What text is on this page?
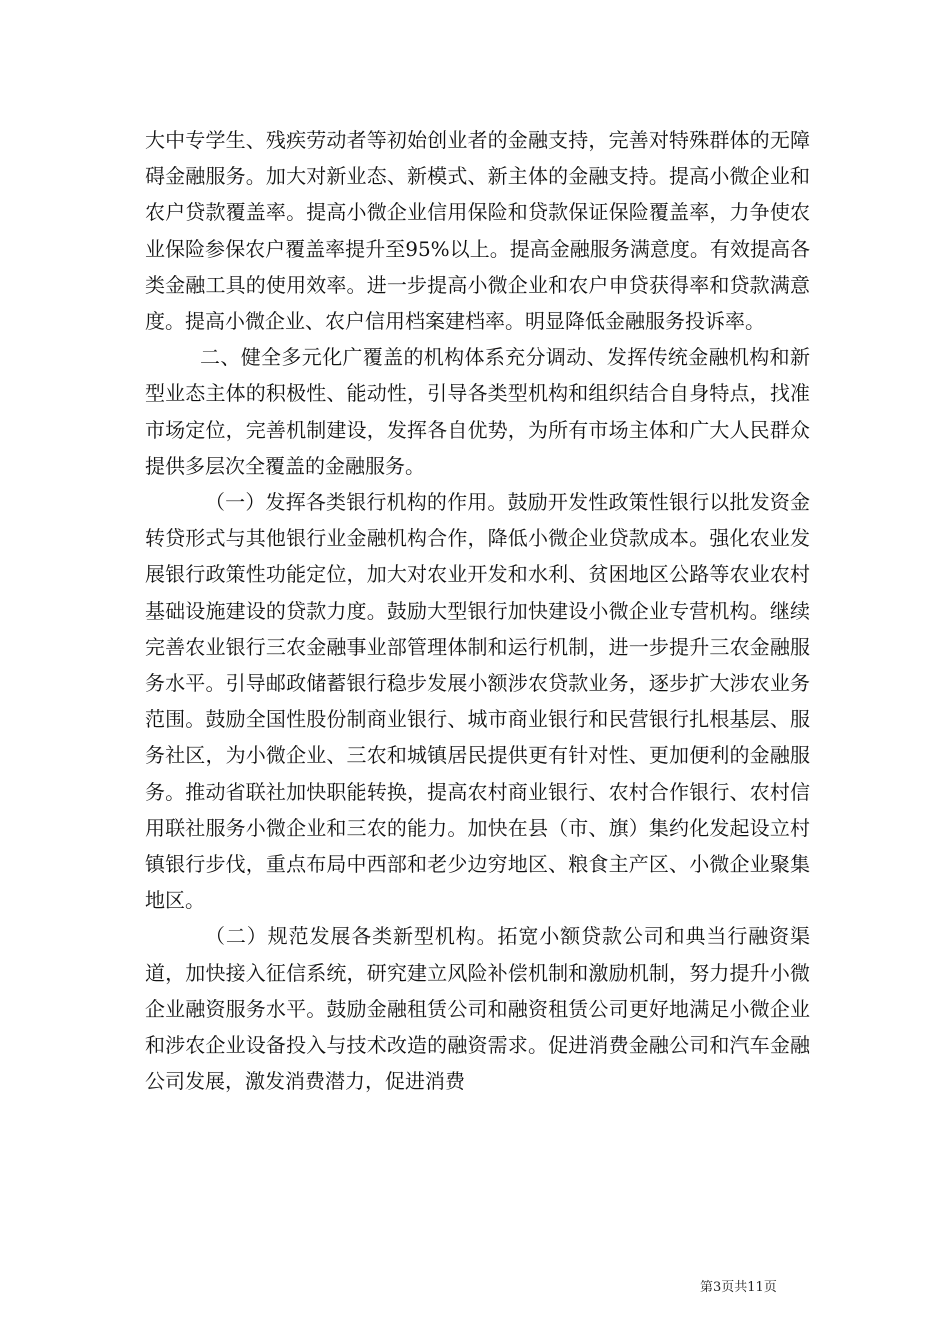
大中专学生、残疾劳动者等初始创业者的金融支持，完善对特殊群体的无障碍金融服务。加大对新业态、新模式、新主体的金融支持。提高小微企业和农户贷款覆盖率。提高小微企业信用保险和贷款保证保险覆盖率，力争使农业保险参保农户覆盖率提升至95%以上。提高金融服务满意度。有效提高各类金融工具的使用效率。进一步提高小微企业和农户申贷获得率和贷款满意度。提高小微企业、农户信用档案建档率。明显降低金融服务投诉率。

二、健全多元化广覆盖的机构体系充分调动、发挥传统金融机构和新型业态主体的积极性、能动性，引导各类型机构和组织结合自身特点，找准市场定位，完善机制建设，发挥各自优势，为所有市场主体和广大人民群众提供多层次全覆盖的金融服务。

（一）发挥各类银行机构的作用。鼓励开发性政策性银行以批发资金转贷形式与其他银行业金融机构合作，降低小微企业贷款成本。强化农业发展银行政策性功能定位，加大对农业开发和水利、贫困地区公路等农业农村基础设施建设的贷款力度。鼓励大型银行加快建设小微企业专营机构。继续完善农业银行三农金融事业部管理体制和运行机制，进一步提升三农金融服务水平。引导邮政储蓄银行稳步发展小额涉农贷款业务，逐步扩大涉农业务范围。鼓励全国性股份制商业银行、城市商业银行和民营银行扎根基层、服务社区，为小微企业、三农和城镇居民提供更有针对性、更加便利的金融服务。推动省联社加快职能转换，提高农村商业银行、农村合作银行、农村信用联社服务小微企业和三农的能力。加快在县（市、旗）集约化发起设立村镇银行步伐，重点布局中西部和老少边穷地区、粮食主产区、小微企业聚集地区。

（二）规范发展各类新型机构。拓宽小额贷款公司和典当行融资渠道，加快接入征信系统，研究建立风险补偿机制和激励机制，努力提升小微企业融资服务水平。鼓励金融租赁公司和融资租赁公司更好地满足小微企业和涉农企业设备投入与技术改造的融资需求。促进消费金融公司和汽车金融公司发展，激发消费潜力，促进消费

第3页共11页
